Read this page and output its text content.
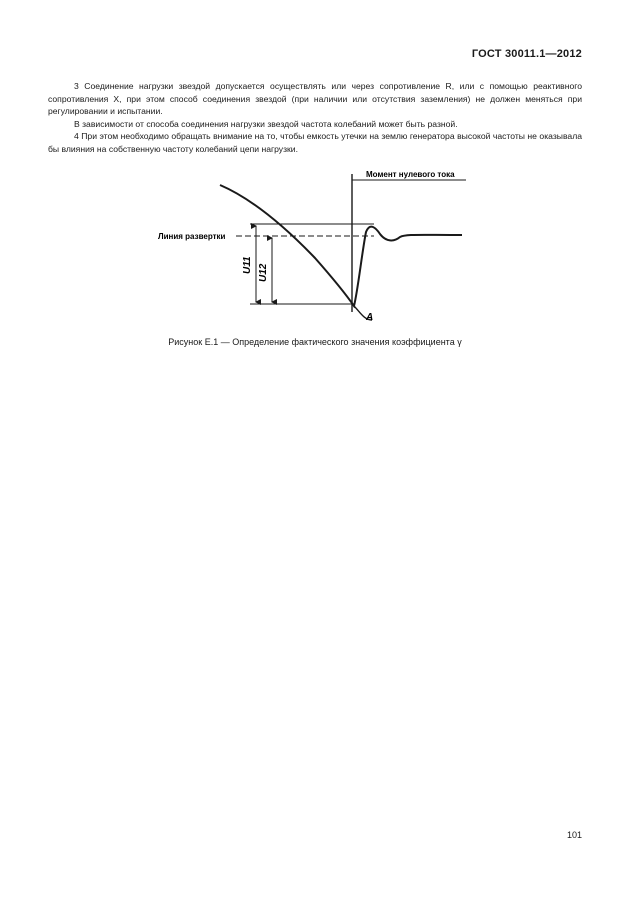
ГОСТ 30011.1—2012

3 Соединение нагрузки звездой допускается осуществлять или через сопротивление R, или с помощью реактивного сопротивления X, при этом способ соединения звездой (при наличии или отсутствия заземления) не должен меняться при регулировании и испытании.

В зависимости от способа соединения нагрузки звездой частота колебаний может быть разной.

4 При этом необходимо обращать внимание на то, чтобы емкость утечки на землю генератора высокой частоты не оказывала бы влияния на собственную частоту колебаний цепи нагрузки.

Момент нулевого тока
Линия развертки
U11 U12
A
Рисунок Е.1 — Определение фактического значения коэффициента γ
101
